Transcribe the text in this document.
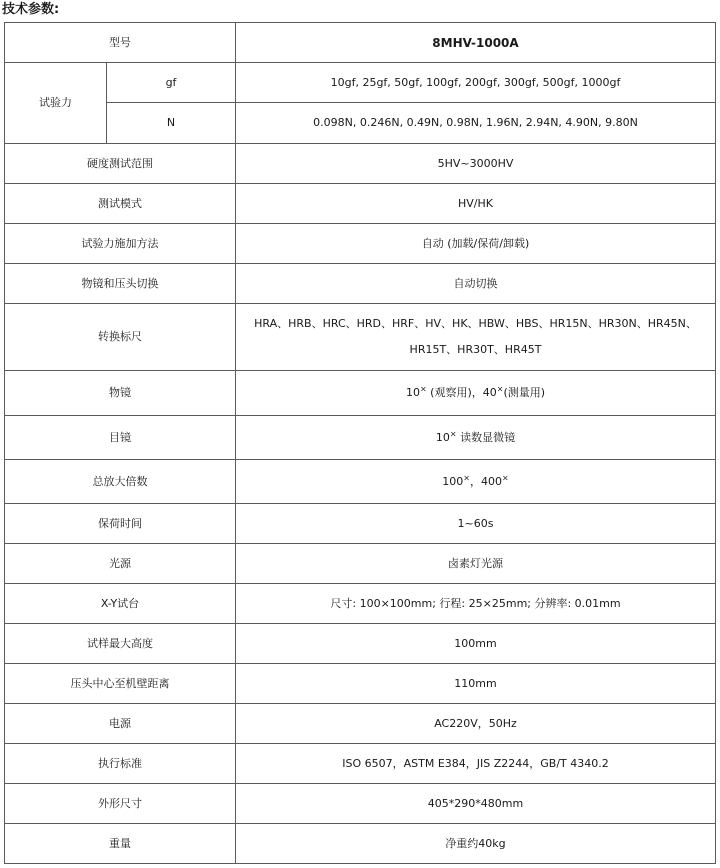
技术参数:
型号		8MHV-1000A
试验力	gf	10gf, 25gf, 50gf, 100gf, 200gf, 300gf, 500gf, 1000gf
	N	0.098N, 0.246N, 0.49N, 0.98N, 1.96N, 2.94N, 4.90N, 9.80N
硬度测试范围		5HV~3000HV
测试模式		HV/HK
试验力施加方法		自动 (加载/保荷/卸载)
物镜和压头切换		自动切换
转换标尺		HRA、HRB、HRC、HRD、HRF、HV、HK、HBW、HBS、HR15N、HR30N、HR45N、
HR15T、HR30T、HR45T

物镜		10× (观察用)，40×(测量用)
目镜		10× 读数显微镜
总放大倍数		100×，400×
保荷时间		1~60s
光源		卤素灯光源
X-Y试台		尺寸: 100×100mm; 行程: 25×25mm; 分辨率: 0.01mm
试样最大高度		100mm
压头中心至机壁距离		110mm
电源		AC220V，50Hz
执行标准		ISO 6507，ASTM E384，JIS Z2244，GB/T 4340.2
外形尺寸		405*290*480mm
重量		净重约40kg
